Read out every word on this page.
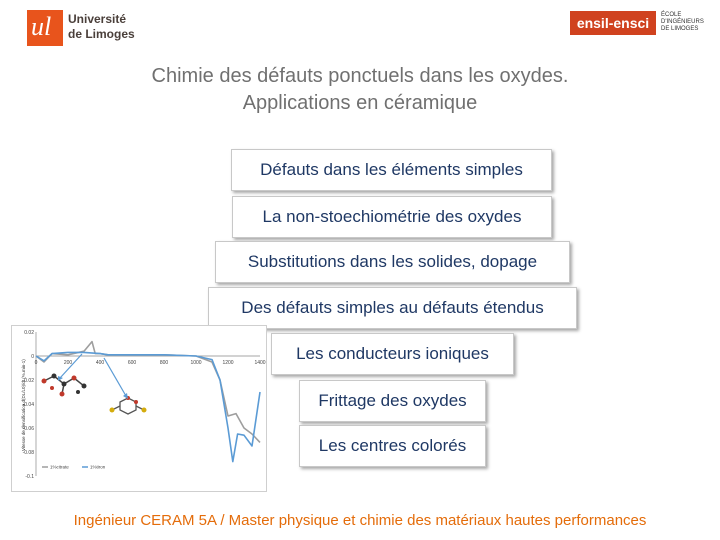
ul Université
de Limoges
ensil-ensci	ÉCOLE
D'INGÉNIEURS
DE LIMOGES
Chimie des défauts ponctuels dans les oxydes.
Applications en céramique
Défauts dans les éléments simples
La non-stoechiométrie des oxydes
Substitutions dans les solides, dopage
Des défauts simples au défauts étendus
Les conducteurs ioniques
Frittage des oxydes
Les centres colorés
Vitesse de densification d(DL/L0)/dt (%.min-1) 0	200	400	600	800	1000	1200	1400
0.02
0
-0.02
-0.04
-0.06
-0.08
-0.1
1%citrate	1%tiron
Ingénieur CERAM 5A / Master physique et chimie des matériaux hautes performances
